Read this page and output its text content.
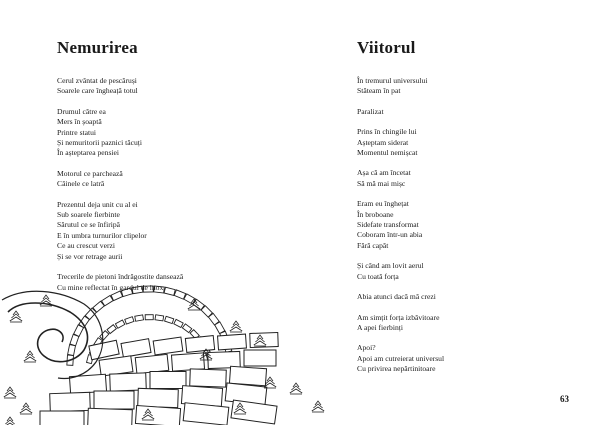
Nemurirea
Cerul zvântat de pescăruși
Soarele care îngheață totul
Drumul către ea
Mers în șoaptă
Printre statui
Și nemuritorii paznici tăcuți
În așteptarea pensiei
Motorul ce parchează
Câinele ce latră
Prezentul deja unit cu al ei
Sub soarele fierbinte
Sărutul ce se înfiripă
E în umbra turnurilor clipelor
Ce au crescut verzi
Și se vor retrage aurii
Trecerile de pietoni îndrăgostite dansează
Cu mine reflectat în gardul de inox
Viitorul
În tremurul universului
Stăteam în pat
Paralizat
Prins în chingile lui
Așteptam siderat
Momentul nemișcat
Așa că am încetat
Să mă mai mișc
Eram eu înghețat
În broboane
Sidefate transformat
Coboram într-un abia
Fără capăt
Și când am lovit aerul
Cu toată forța
Abia atunci dacă mă crezi
Am simțit forța izbăvitoare
A apei fierbinți
Apoi?
Apoi am cutreierat universul
Cu privirea nepărtinitoare
63
